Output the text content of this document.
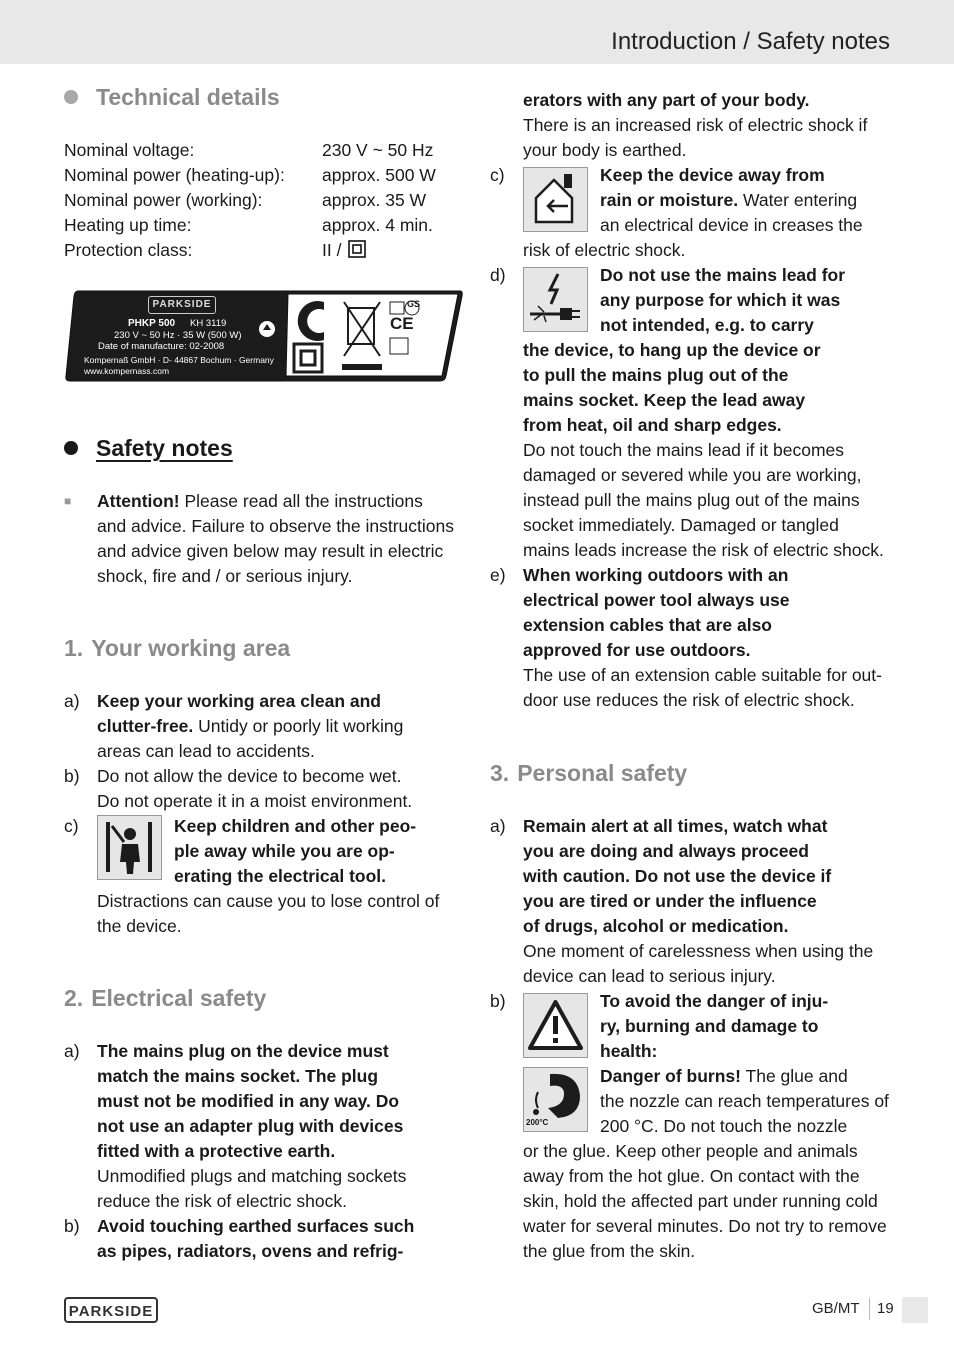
Introduction / Safety notes
Technical details
Nominal voltage:	230 V ~ 50 Hz
Nominal power (heating-up): approx. 500 W
Nominal power (working):	approx. 35 W
Heating up time:	approx. 4 min.
Protection class:	II /
PARKSIDE
PHKP 500 KH 3119
230 V ~ 50 Hz · 35 W (500 W)
Date of manufacture: 02-2008
Kompernaß GmbH · D- 44867 Bochum · Germany
www.kompernass.com
CE
GS
Safety notes
■ Attention! Please read all the instructions
and advice. Failure to observe the instructions
and advice given below may result in electric
shock, fire and / or serious injury.
1. Your working area
a) Keep your working area clean and
clutter-free. Untidy or poorly lit working
areas can lead to accidents.
b) Do not allow the device to become wet.
Do not operate it in a moist environment.
c)	Keep children and other peo-
ple away while you are op-
erating the electrical tool.
Distractions can cause you to lose control of
the device.
2. Electrical safety
a) The mains plug on the device must
match the mains socket. The plug
must not be modified in any way. Do
not use an adapter plug with devices
fitted with a protective earth.
Unmodified plugs and matching sockets
reduce the risk of electric shock.
b) Avoid touching earthed surfaces such
as pipes, radiators, ovens and refrig-
erators with any part of your body.
There is an increased risk of electric shock if
your body is earthed.
c)	Keep the device away from
rain or moisture. Water entering
an electrical device in creases the
risk of electric shock.
d)	Do not use the mains lead for
any purpose for which it was
not intended, e.g. to carry
the device, to hang up the device or
to pull the mains plug out of the
mains socket. Keep the lead away
from heat, oil and sharp edges.
Do not touch the mains lead if it becomes
damaged or severed while you are working,
instead pull the mains plug out of the mains
socket immediately. Damaged or tangled
mains leads increase the risk of electric shock.
e) When working outdoors with an
electrical power tool always use
extension cables that are also
approved for use outdoors.
The use of an extension cable suitable for out-
door use reduces the risk of electric shock.
3. Personal safety
a) Remain alert at all times, watch what
you are doing and always proceed
with caution. Do not use the device if
you are tired or under the influence
of drugs, alcohol or medication.
One moment of carelessness when using the
device can lead to serious injury.
b)	To avoid the danger of inju-
ry, burning and damage to
health:
200°C
Danger of burns! The glue and
the nozzle can reach temperatures of
200 °C. Do not touch the nozzle
or the glue. Keep other people and animals
away from the hot glue. On contact with the
skin, hold the affected part under running cold
water for several minutes. Do not try to remove
the glue from the skin.
PARKSIDE	GB/MT 19
